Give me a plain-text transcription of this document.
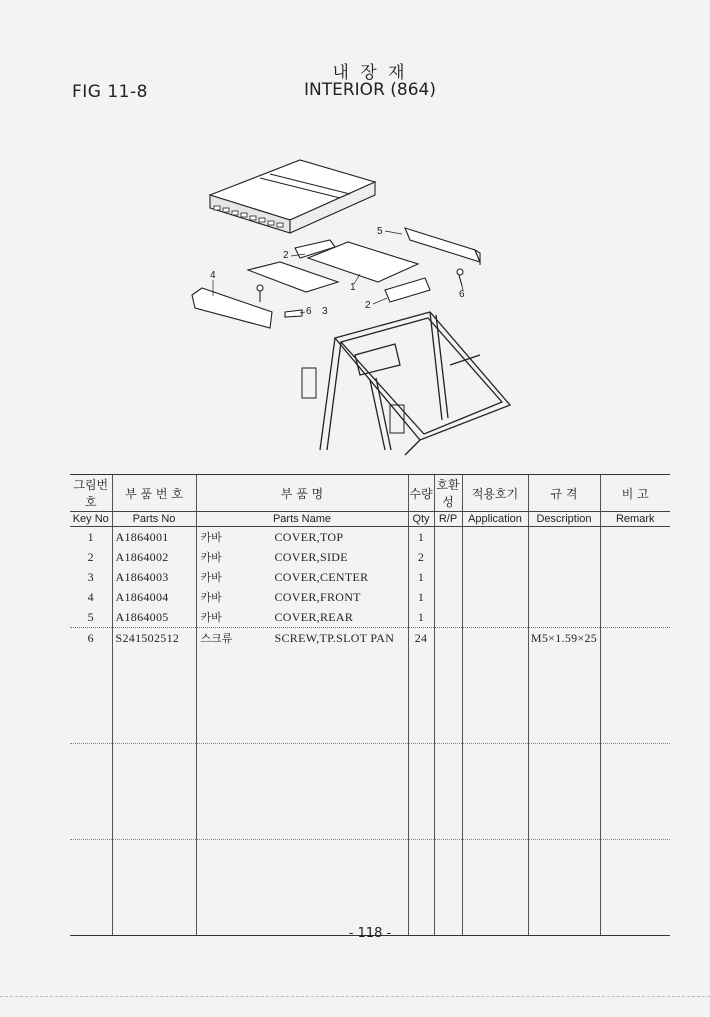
FIG 11-8
내 장 재
INTERIOR (864)
5
2
4
1
6
2
6 3
그림번호	부 품 번 호	부 품 명	수량	호환성	적용호기	규 격	비 고
Key No	Parts No	Parts Name	Qty	R/P	Application	Description	Remark
1	A1864001	카바 COVER,TOP	1				
2	A1864002	카바 COVER,SIDE	2				
3	A1864003	카바 COVER,CENTER	1				
4	A1864004	카바 COVER,FRONT	1				
5	A1864005	카바 COVER,REAR	1				
6	S241502512	스크류 SCREW,TP.SLOT PAN	24			M5×1.59×25	

- 118 -
